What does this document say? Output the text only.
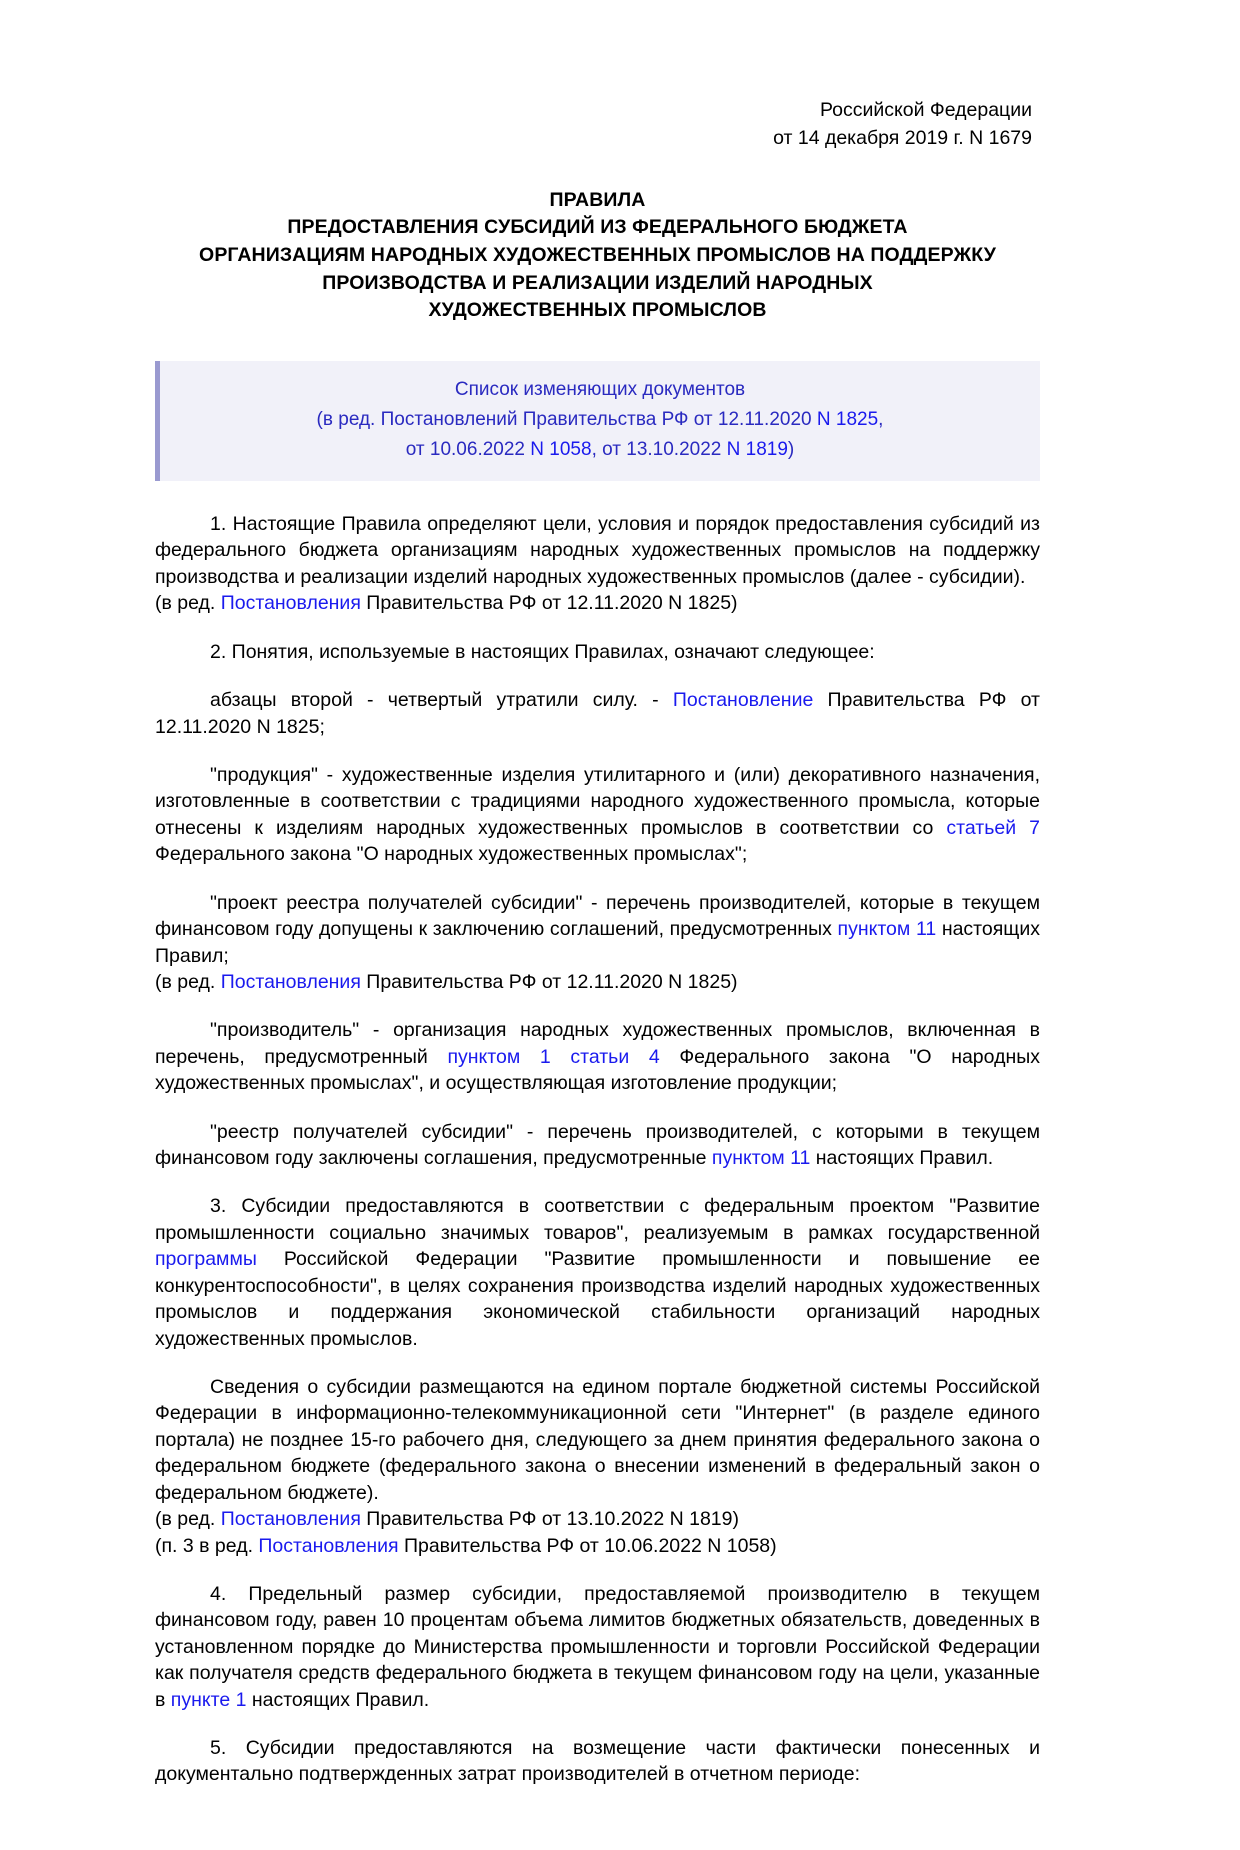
Российской Федерации
от 14 декабря 2019 г. N 1679
ПРАВИЛА
ПРЕДОСТАВЛЕНИЯ СУБСИДИЙ ИЗ ФЕДЕРАЛЬНОГО БЮДЖЕТА
ОРГАНИЗАЦИЯМ НАРОДНЫХ ХУДОЖЕСТВЕННЫХ ПРОМЫСЛОВ НА ПОДДЕРЖКУ
ПРОИЗВОДСТВА И РЕАЛИЗАЦИИ ИЗДЕЛИЙ НАРОДНЫХ
ХУДОЖЕСТВЕННЫХ ПРОМЫСЛОВ
Список изменяющих документов
(в ред. Постановлений Правительства РФ от 12.11.2020 N 1825,
от 10.06.2022 N 1058, от 13.10.2022 N 1819)

1. Настоящие Правила определяют цели, условия и порядок предоставления субсидий из федерального бюджета организациям народных художественных промыслов на поддержку производства и реализации изделий народных художественных промыслов (далее - субсидии).

(в ред. Постановления Правительства РФ от 12.11.2020 N 1825)

2. Понятия, используемые в настоящих Правилах, означают следующее:

абзацы второй - четвертый утратили силу. - Постановление Правительства РФ от 12.11.2020 N 1825;

"продукция" - художественные изделия утилитарного и (или) декоративного назначения, изготовленные в соответствии с традициями народного художественного промысла, которые отнесены к изделиям народных художественных промыслов в соответствии со статьей 7 Федерального закона "О народных художественных промыслах";

"проект реестра получателей субсидии" - перечень производителей, которые в текущем финансовом году допущены к заключению соглашений, предусмотренных пунктом 11 настоящих Правил;

(в ред. Постановления Правительства РФ от 12.11.2020 N 1825)

"производитель" - организация народных художественных промыслов, включенная в перечень, предусмотренный пунктом 1 статьи 4 Федерального закона "О народных художественных промыслах", и осуществляющая изготовление продукции;

"реестр получателей субсидии" - перечень производителей, с которыми в текущем финансовом году заключены соглашения, предусмотренные пунктом 11 настоящих Правил.

3. Субсидии предоставляются в соответствии с федеральным проектом "Развитие промышленности социально значимых товаров", реализуемым в рамках государственной программы Российской Федерации "Развитие промышленности и повышение ее конкурентоспособности", в целях сохранения производства изделий народных художественных промыслов и поддержания экономической стабильности организаций народных художественных промыслов.

Сведения о субсидии размещаются на едином портале бюджетной системы Российской Федерации в информационно-телекоммуникационной сети "Интернет" (в разделе единого портала) не позднее 15-го рабочего дня, следующего за днем принятия федерального закона о федеральном бюджете (федерального закона о внесении изменений в федеральный закон о федеральном бюджете).

(в ред. Постановления Правительства РФ от 13.10.2022 N 1819)
(п. 3 в ред. Постановления Правительства РФ от 10.06.2022 N 1058)

4. Предельный размер субсидии, предоставляемой производителю в текущем финансовом году, равен 10 процентам объема лимитов бюджетных обязательств, доведенных в установленном порядке до Министерства промышленности и торговли Российской Федерации как получателя средств федерального бюджета в текущем финансовом году на цели, указанные в пункте 1 настоящих Правил.

5. Субсидии предоставляются на возмещение части фактически понесенных и документально подтвержденных затрат производителей в отчетном периоде:
